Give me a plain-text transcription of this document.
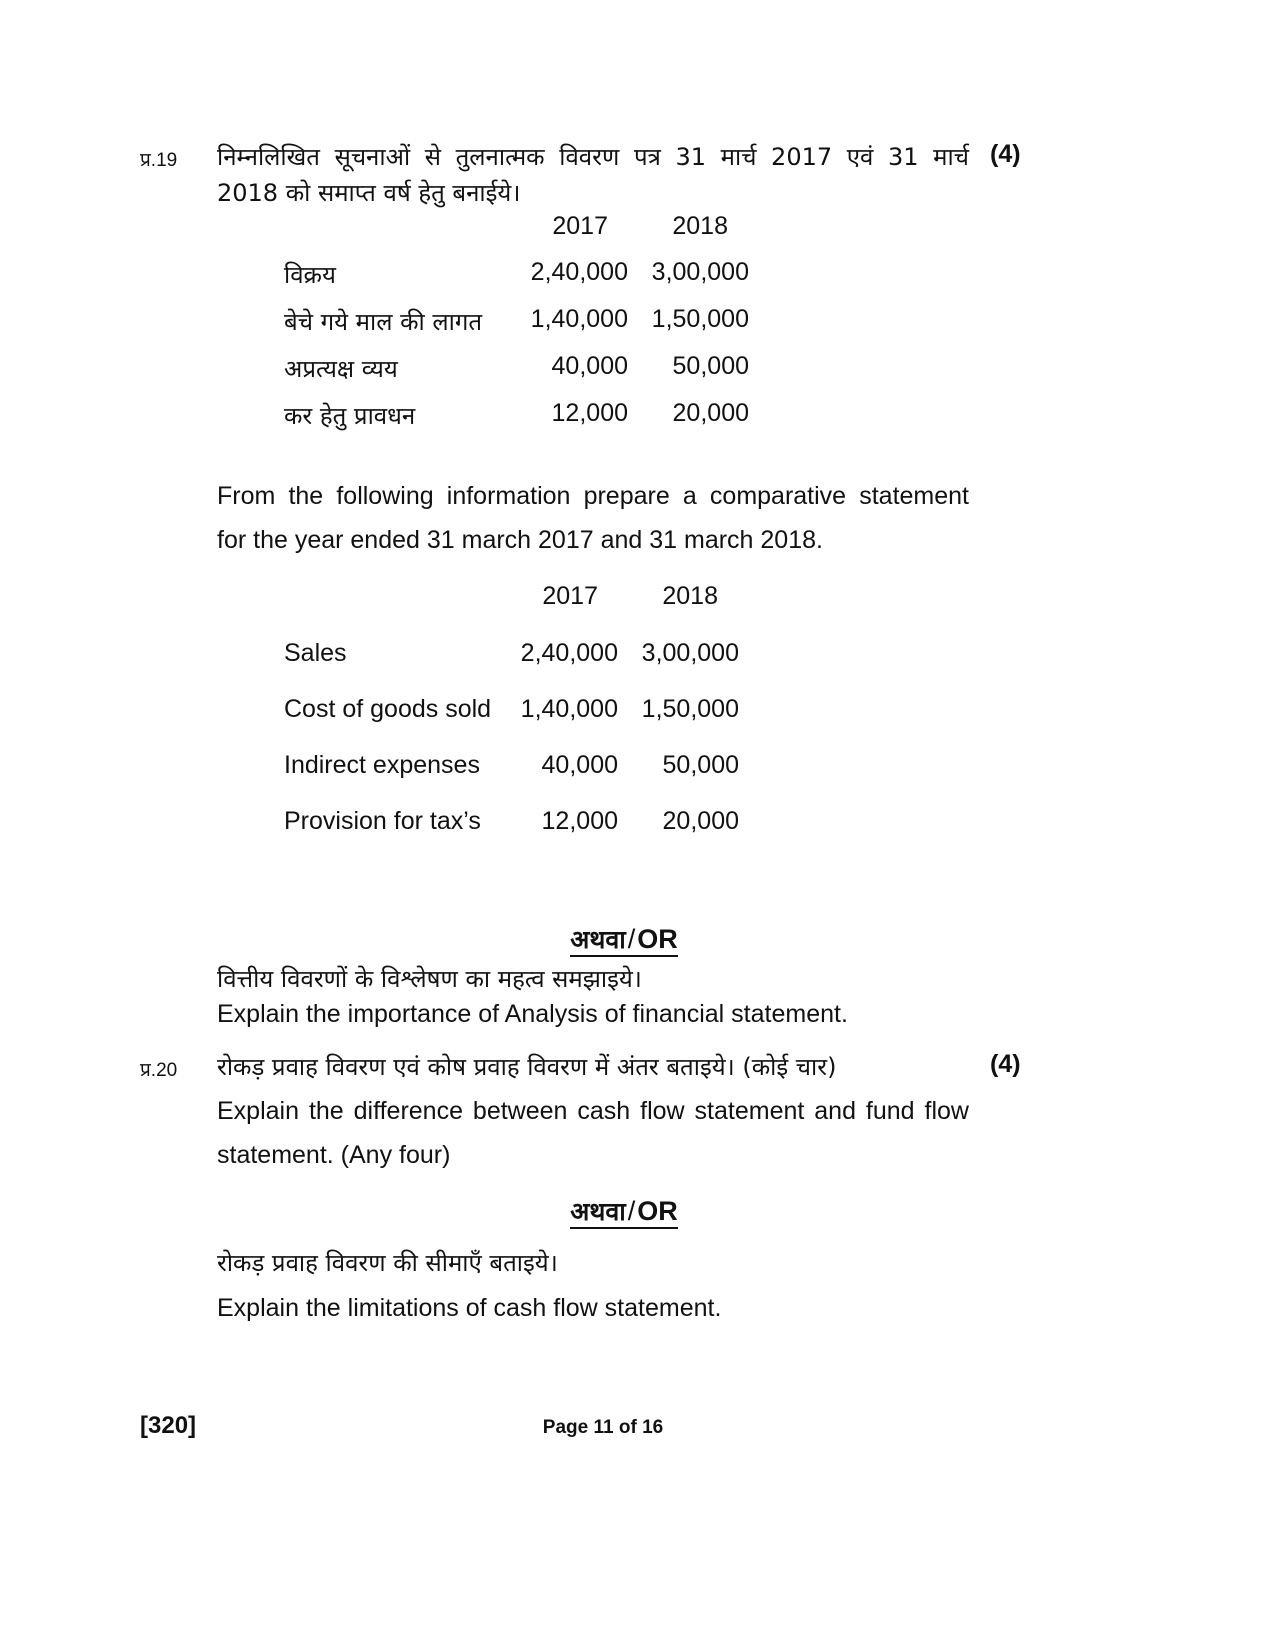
प्र.19 निम्नलिखित सूचनाओं से तुलनात्मक विवरण पत्र 31 मार्च 2017 एवं 31 मार्च (4)
2018 को समाप्त वर्ष हेतु बनाईये।
2017	2018
विक्रय	2,40,000 3,00,000
बेचे गये माल की लागत	1,40,000 1,50,000
अप्रत्यक्ष व्यय	40,000	50,000
कर हेतु प्रावधन	12,000	20,000
From the following information prepare a comparative statement
for the year ended 31 march 2017 and 31 march 2018.
2017	2018
Sales	2,40,000 3,00,000
Cost of goods sold	1,40,000 1,50,000
Indirect expenses	40,000	50,000
Provision for tax’s	12,000	20,000
अथवा/OR
वित्तीय विवरणों के विश्लेषण का महत्व समझाइये।
Explain the importance of Analysis of financial statement.
प्र.20 रोकड़ प्रवाह विवरण एवं कोष प्रवाह विवरण में अंतर बताइये। (कोई चार)	(4)
Explain the difference between cash flow statement and fund flow
statement. (Any four)
अथवा/OR
रोकड़ प्रवाह विवरण की सीमाएँ बताइये।
Explain the limitations of cash flow statement.
[320]	Page 11 of 16
